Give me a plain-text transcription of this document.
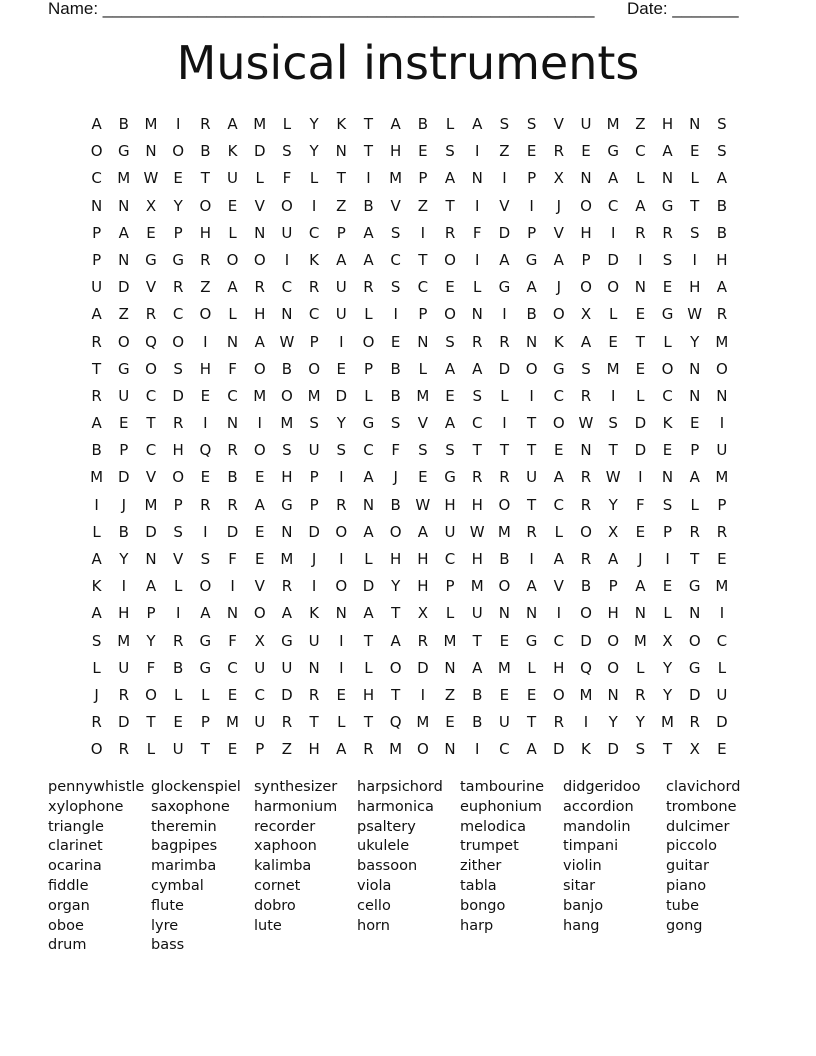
Name: ____________________________________________________

Date: _______

Musical instruments
A	B	M	I	R	A	M	L	Y	K	T	A	B	L	A	S	S	V	U	M	Z	H	N	S
O	G	N	O	B	K	D	S	Y	N	T	H	E	S	I	Z	E	R	E	G	C	A	E	S
C	M W	E	T	U	L	F	L	T	I	M	P	A	N	I	P	X	N	A	L	N	L	A
N	N	X	Y	O	E	V	O	I	Z	B	V	Z	T	I	V	I	J	O	C	A	G	T	B
P	A	E	P	H	L	N	U	C	P	A	S	I	R	F	D	P	V	H	I	R	R	S	B
P	N	G	G	R	O	O	I	K	A	A	C	T	O	I	A	G	A	P	D	I	S	I	H
U	D	V	R	Z	A	R	C	R	U	R	S	C	E	L	G	A	J	O	O	N	E	H	A
A	Z	R	C	O	L	H	N	C	U	L	I	P	O	N	I	B	O	X	L	E	G W R
R	O	Q	O	I	N	A W	P	I	O	E	N	S	R	R	N	K	A	E	T	L	Y	M
T	G	O	S	H	F	O	B	O	E	P	B	L	A	A	D	O	G	S	M	E	O	N	O
R	U	C	D	E	C	M O M D	L	B	M	E	S	L	I	C	R	I	L	C	N	N
A	E	T	R	I	N	I	M	S	Y	G	S	V	A	C	I	T	O W	S	D	K	E	I
B	P	C	H	Q	R	O	S	U	S	C	F	S	S	T	T	T	E	N	T	D	E	P	U
M D	V	O	E	B	E	H	P	I	A	J	E	G	R	R	U	A	R W	I	N	A	M
I	J	M	P	R	R	A	G	P	R	N	B W H	H	O	T	C	R	Y	F	S	L	P
L	B	D	S	I	D	E	N	D	O	A	O	A	U W M	R	L	O	X	E	P	R	R
A	Y	N	V	S	F	E	M	J	I	L	H	H	C	H	B	I	A	R	A	J	I	T	E
K	I	A	L	O	I	V	R	I	O	D	Y	H	P	M O	A	V	B	P	A	E	G M
A	H	P	I	A	N	O	A	K	N	A	T	X	L	U	N	N	I	O	H	N	L	N	I
S	M	Y	R	G	F	X	G	U	I	T	A	R	M	T	E	G	C	D	O M	X	O	C
L	U	F	B	G	C	U	U	N	I	L	O	D	N	A	M	L	H	Q	O	L	Y	G	L
J	R	O	L	L	E	C	D	R	E	H	T	I	Z	B	E	E	O M	N	R	Y	D	U
R	D	T	E	P	M	U	R	T	L	T	Q M	E	B	U	T	R	I	Y	Y	M	R	D
O	R	L	U	T	E	P	Z	H	A	R	M O	N	I	C	A	D	K	D	S	T	X	E
pennywhistle glockenspiel synthesizer	harpsichord	tambourine	didgeridoo	clavichord
xylophone	saxophone	harmonium	harmonica	euphonium	accordion	trombone
triangle	theremin	recorder	psaltery	melodica	mandolin	dulcimer
clarinet	bagpipes	xaphoon	ukulele	trumpet	timpani	piccolo
ocarina	marimba	kalimba	bassoon	zither	violin	guitar
fiddle	cymbal	cornet	viola	tabla	sitar	piano
organ	flute	dobro	cello	bongo	banjo	tube
oboe	lyre	lute	horn	harp	hang	gong
drum	bass
